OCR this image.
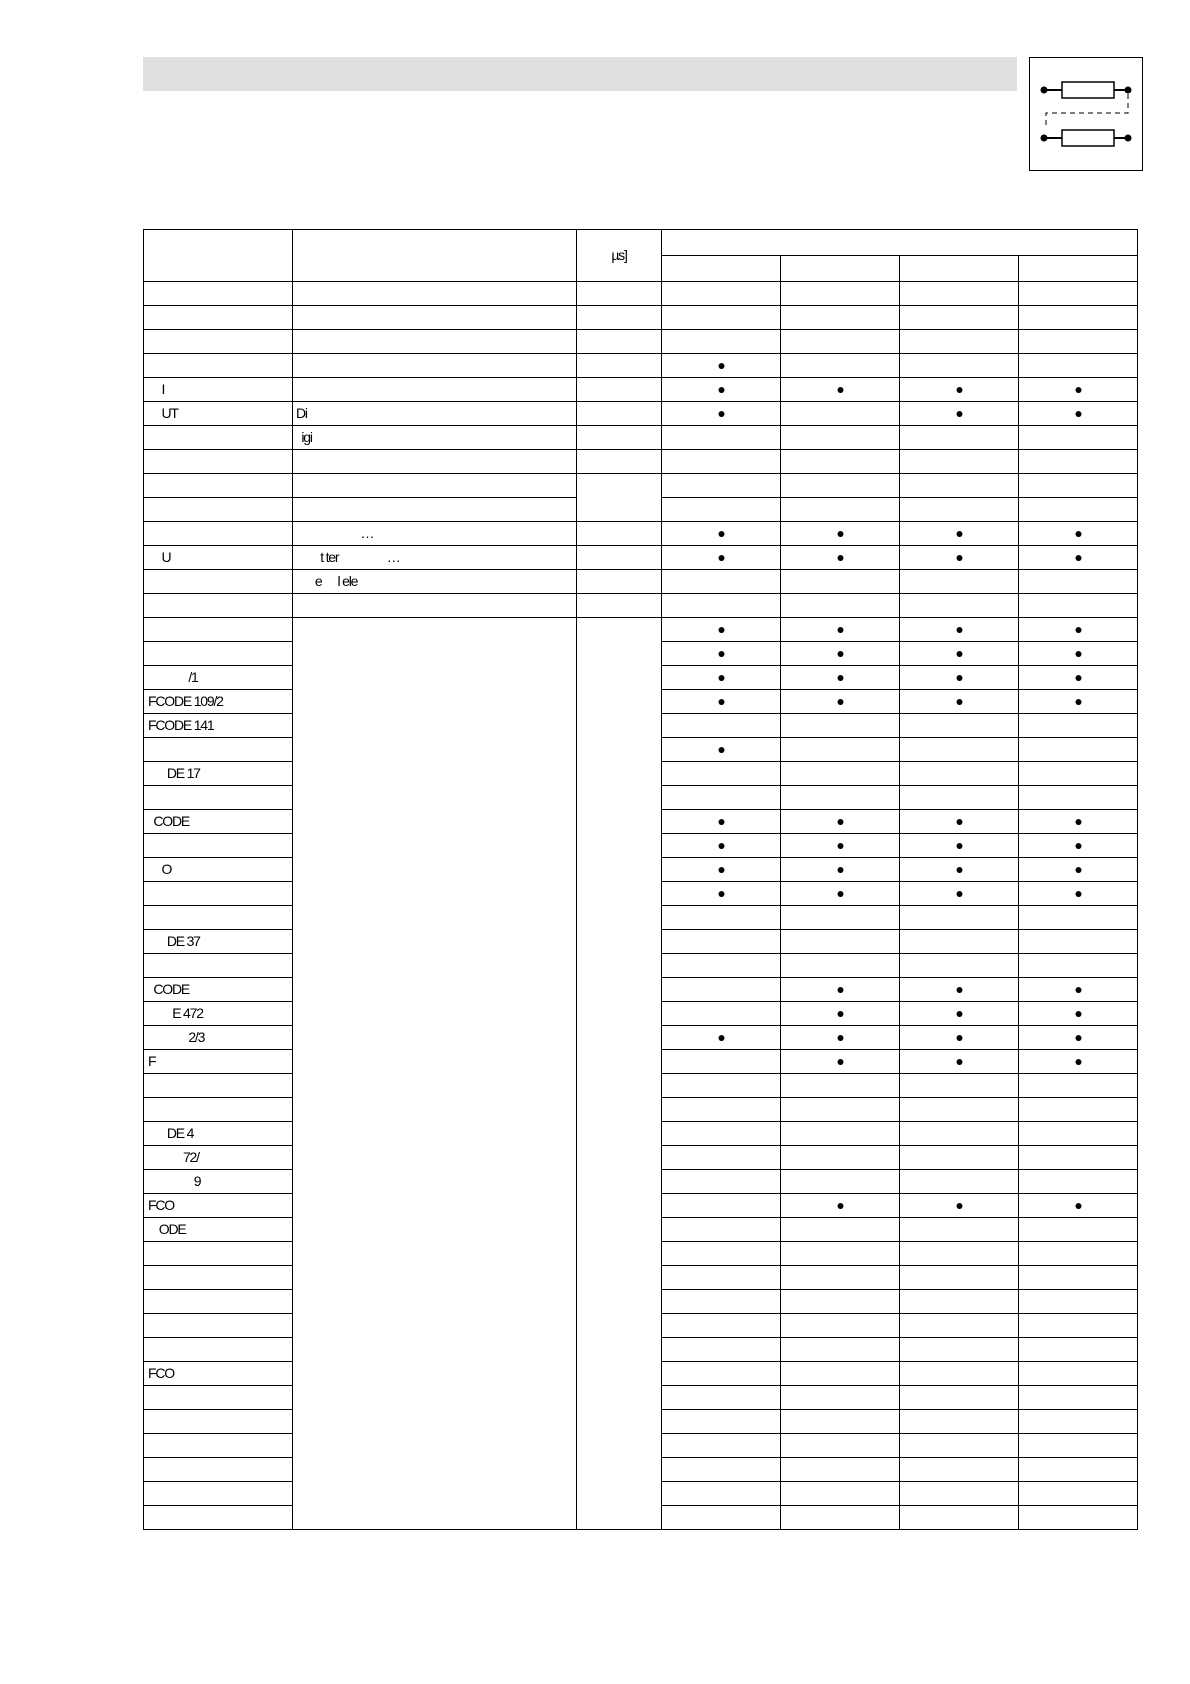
		µs]				

			●			
I			●	●	●	●
UT	Di		●		●	●
	igi					

	…		●	●	●	●
U	t ter                  …		●	●	●	●
	e      l ele					

			●	●	●	●
			●	●	●	●
/1			●	●	●	●
FCODE 109/2			●	●	●	●
FCODE 141						
			●			
DE 17						

CODE			●	●	●	●
			●	●	●	●
O			●	●	●	●
			●	●	●	●

DE 37						

CODE				●	●	●
E 472				●	●	●
2/3			●	●	●	●
F				●	●	●

DE 4						
72/						
9						
FCO				●	●	●
ODE						

FCO						
